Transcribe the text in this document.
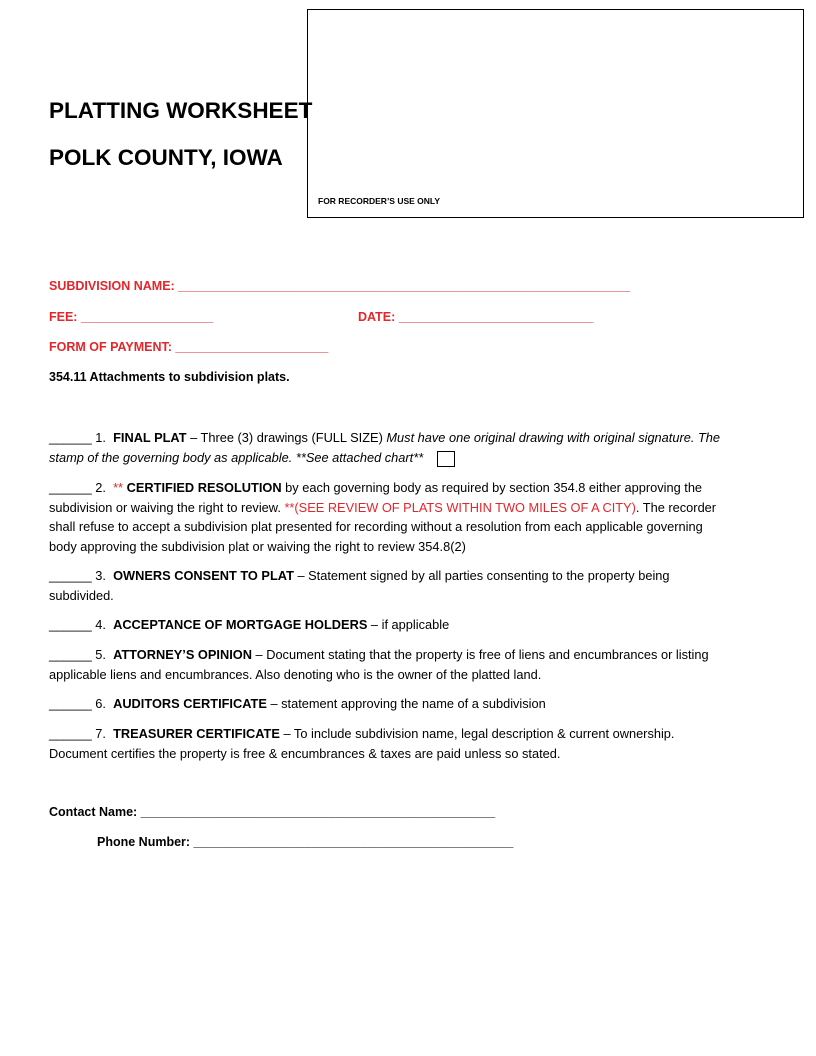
PLATTING WORKSHEET
POLK COUNTY, IOWA
FOR RECORDER’S USE ONLY
SUBDIVISION NAME: _________________________________________________________________
FEE: ___________________	DATE: ____________________________
FORM OF PAYMENT: ______________________
354.11 Attachments to subdivision plats.
______ 1. FINAL PLAT – Three (3) drawings (FULL SIZE) Must have one original drawing with original signature. The stamp of the governing body as applicable. **See attached chart**
______ 2. ** CERTIFIED RESOLUTION by each governing body as required by section 354.8 either approving the subdivision or waiving the right to review. **(SEE REVIEW OF PLATS WITHIN TWO MILES OF A CITY). The recorder shall refuse to accept a subdivision plat presented for recording without a resolution from each applicable governing body approving the subdivision plat or waiving the right to review 354.8(2)
______ 3. OWNERS CONSENT TO PLAT – Statement signed by all parties consenting to the property being subdivided.
______ 4. ACCEPTANCE OF MORTGAGE HOLDERS – if applicable
______ 5. ATTORNEY’S OPINION – Document stating that the property is free of liens and encumbrances or listing applicable liens and encumbrances. Also denoting who is the owner of the platted land.
______ 6. AUDITORS CERTIFICATE – statement approving the name of a subdivision
______ 7. TREASURER CERTIFICATE – To include subdivision name, legal description & current ownership. Document certifies the property is free & encumbrances & taxes are paid unless so stated.
Contact Name: ___________________________________________________
Phone Number: ______________________________________________
